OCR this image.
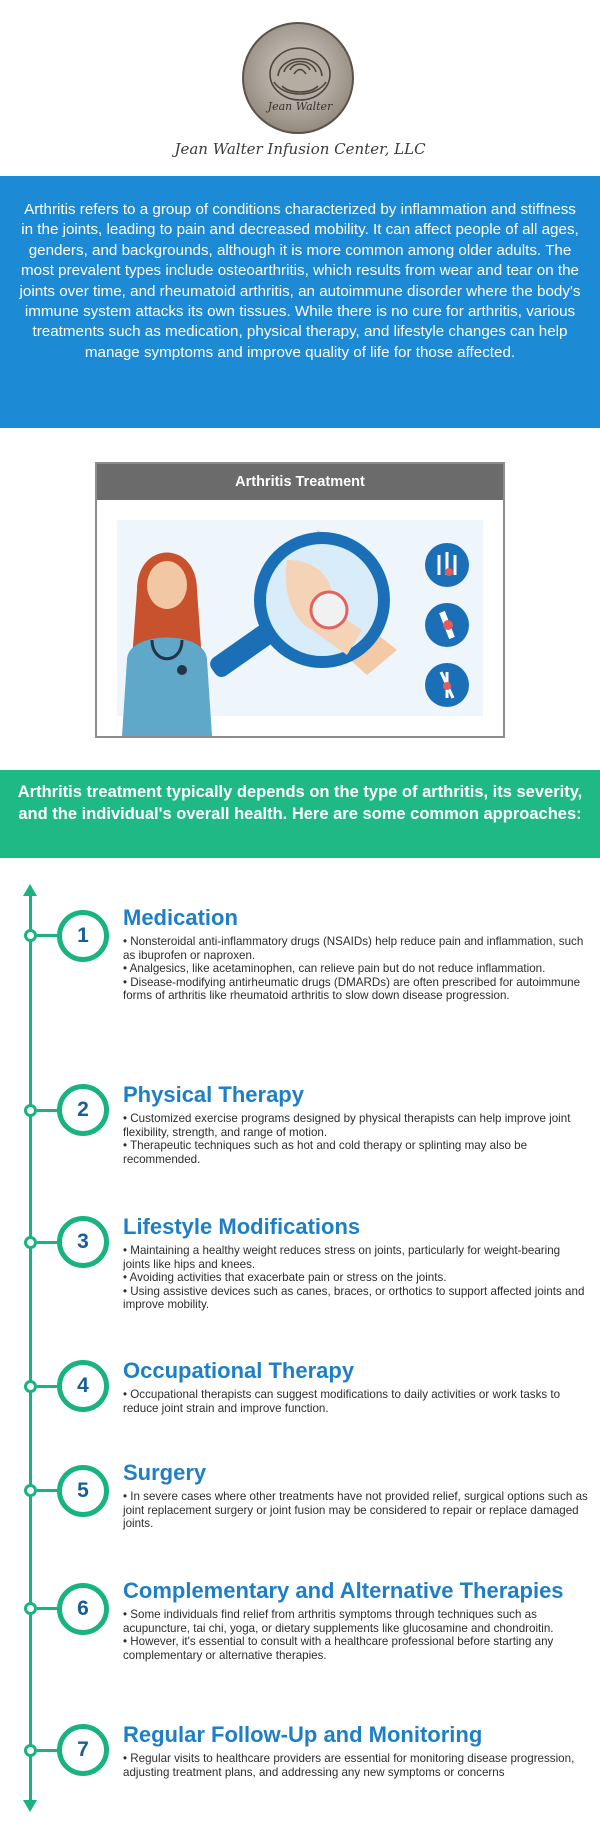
Jean Walter
Jean Walter Infusion Center, LLC

Arthritis refers to a group of conditions characterized by inflammation and stiffness in the joints, leading to pain and decreased mobility. It can affect people of all ages, genders, and backgrounds, although it is more common among older adults. The most prevalent types include osteoarthritis, which results from wear and tear on the joints over time, and rheumatoid arthritis, an autoimmune disorder where the body's immune system attacks its own tissues. While there is no cure for arthritis, various treatments such as medication, physical therapy, and lifestyle changes can help manage symptoms and improve quality of life for those affected.

Arthritis Treatment

Arthritis treatment typically depends on the type of arthritis, its severity, and the individual's overall health. Here are some common approaches:

1
Medication
• Nonsteroidal anti-inflammatory drugs (NSAIDs) help reduce pain and inflammation, such as ibuprofen or naproxen.
• Analgesics, like acetaminophen, can relieve pain but do not reduce inflammation.
• Disease-modifying antirheumatic drugs (DMARDs) are often prescribed for autoimmune forms of arthritis like rheumatoid arthritis to slow down disease progression.
2
Physical Therapy
• Customized exercise programs designed by physical therapists can help improve joint flexibility, strength, and range of motion.
• Therapeutic techniques such as hot and cold therapy or splinting may also be recommended.
3
Lifestyle Modifications
• Maintaining a healthy weight reduces stress on joints, particularly for weight-bearing joints like hips and knees.
• Avoiding activities that exacerbate pain or stress on the joints.
• Using assistive devices such as canes, braces, or orthotics to support affected joints and improve mobility.
4
Occupational Therapy
• Occupational therapists can suggest modifications to daily activities or work tasks to reduce joint strain and improve function.
5
Surgery
• In severe cases where other treatments have not provided relief, surgical options such as joint replacement surgery or joint fusion may be considered to repair or replace damaged joints.
6
Complementary and Alternative Therapies
• Some individuals find relief from arthritis symptoms through techniques such as acupuncture, tai chi, yoga, or dietary supplements like glucosamine and chondroitin.
• However, it's essential to consult with a healthcare professional before starting any complementary or alternative therapies.
7
Regular Follow-Up and Monitoring
• Regular visits to healthcare providers are essential for monitoring disease progression, adjusting treatment plans, and addressing any new symptoms or concerns
